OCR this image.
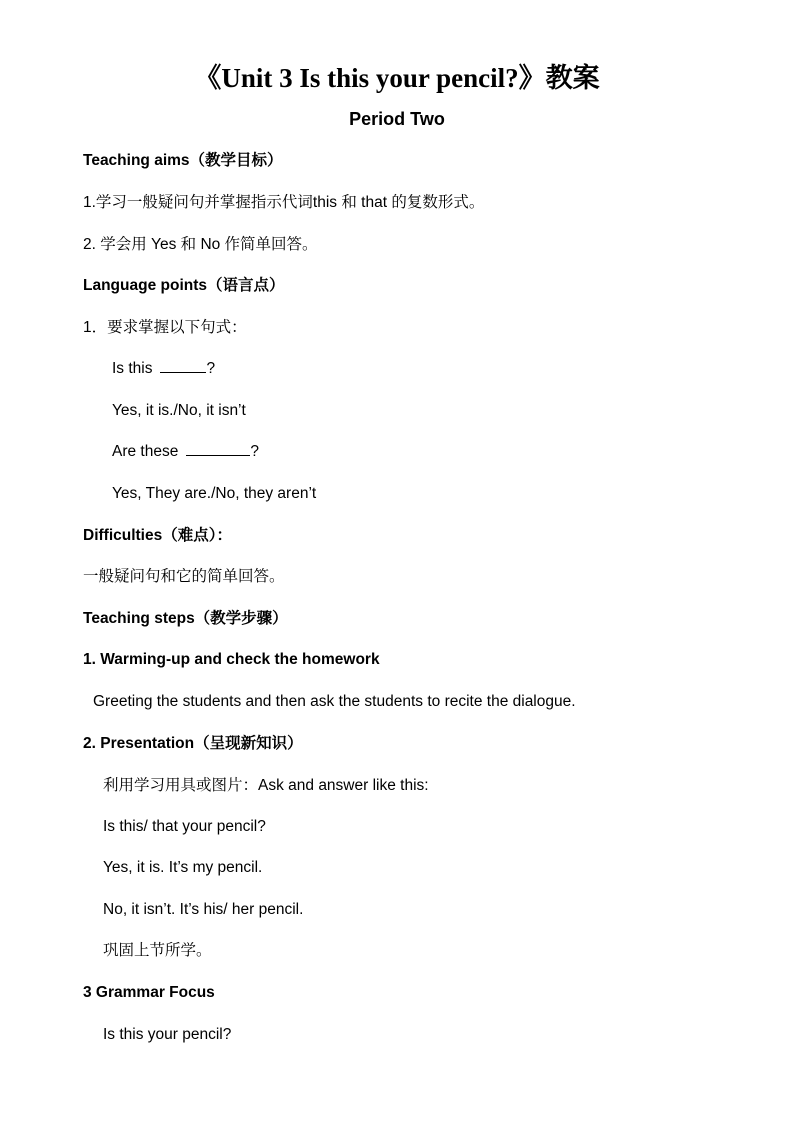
《Unit 3 Is this your pencil?》教案
Period Two
Teaching aims（教学目标）
1.学习一般疑问句并掌握指示代词this 和 that 的复数形式。
2. 学会用 Yes 和 No 作简单回答。
Language points（语言点）
1．要求掌握以下句式：
Is this	?
Yes, it is./No, it isn’t
Are these	?
Yes, They are./No, they aren’t
Difficulties（难点）：
一般疑问句和它的简单回答。
Teaching steps（教学步骤）
1. Warming-up and check the homework
Greeting the students and then ask the students to recite the dialogue.
2. Presentation（呈现新知识）
利用学习用具或图片：Ask and answer like this:
Is this/ that your pencil?
Yes, it is. It’s my pencil.
No, it isn’t. It’s his/ her pencil.
巩固上节所学。
3 Grammar Focus
Is this your pencil?
